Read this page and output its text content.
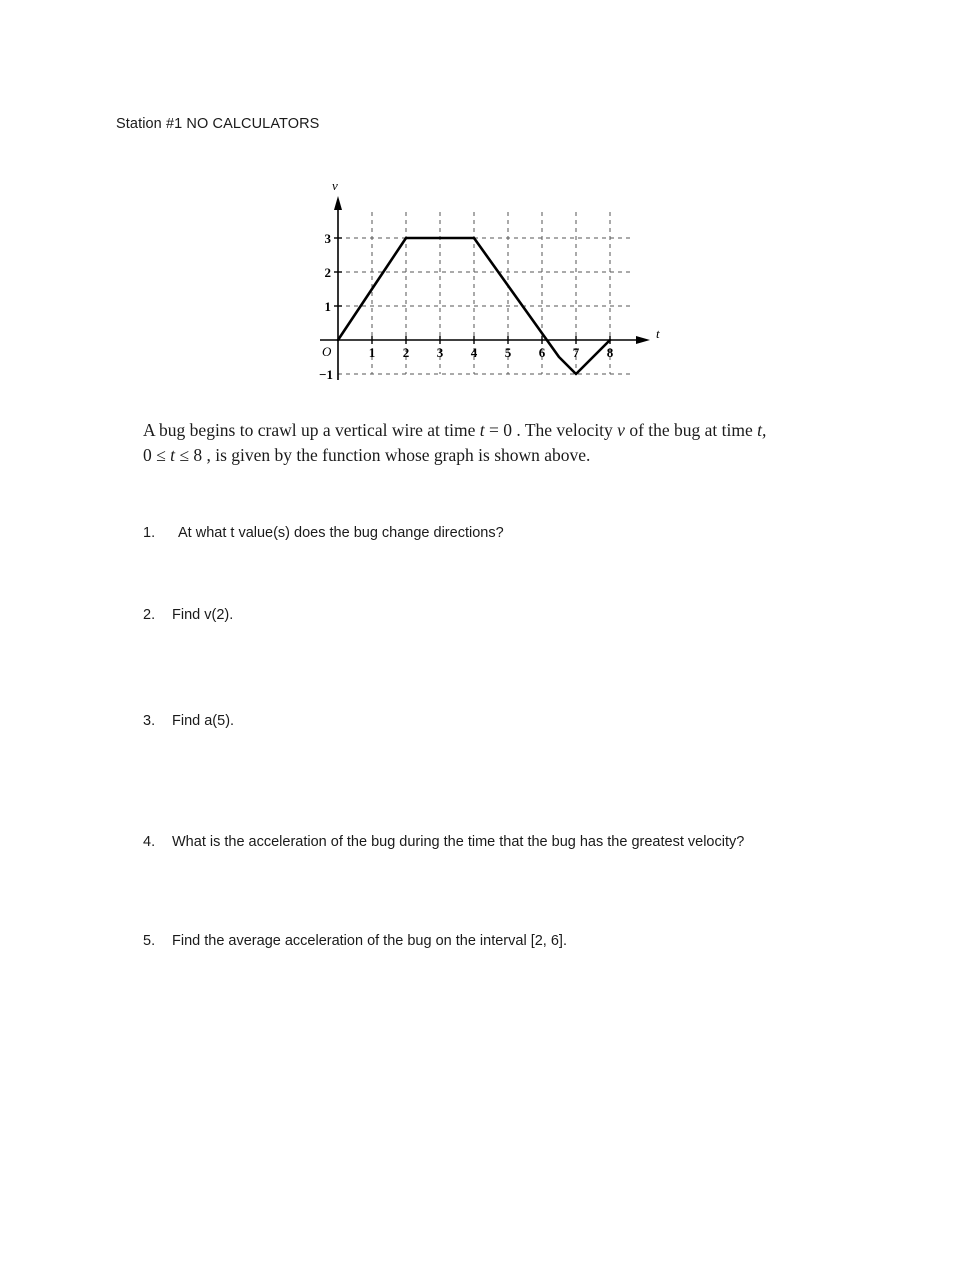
Station #1 NO CALCULATORS
v
t
O
3
2
1
−1
1 2 3 4 5 6 7 8
A bug begins to crawl up a vertical wire at time t = 0 . The velocity v of the bug at time t,
0 ≤ t ≤ 8 , is given by the function whose graph is shown above.
1.	At what t value(s) does the bug change directions?
2.	Find v(2).
3.	Find a(5).
4.	What is the acceleration of the bug during the time that the bug has the greatest velocity?
5.	Find the average acceleration of the bug on the interval [2, 6].
